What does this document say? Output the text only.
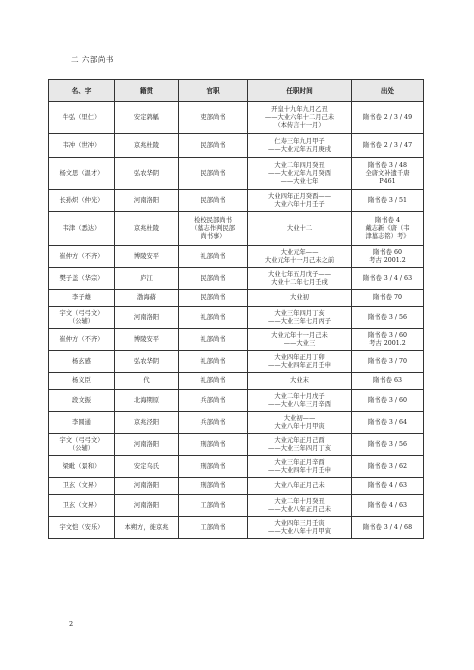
二 六部尚书
名、字	籍贯	官职	任职时间	出处

牛弘（里仁）	安定鹑觚	吏部尚书	开皇十九年九月乙丑
——大业六年十二月己未
（本传言十一月）	隋书卷 2 / 3 / 49

韦冲（世冲）	京兆杜陵	民部尚书	仁寿三年九月甲子
——大业元年五月庚戌	隋书卷 2 / 3 / 47

杨文思（温才）	弘农华阴	民部尚书	大业二年四月癸丑
——大业元年九月癸酉
——大业七年	隋书卷 3 / 48
全唐文补遗千唐
P461

长孙炽（仲光）	河南洛阳	民部尚书	大业四年正月癸酉——
大业六年十月壬子	隋书卷 3 / 51

韦津（悉达）	京兆杜陵	检校民部尚书
（墓志作判民部
尚书事）	大业十二	隋书卷 4
戴志新《唐（韦
津墓志铭）考》

崔仲方（不齐）	博陵安平	礼部尚书	大业元年——
大业元年十一月己未之前	隋书卷 60
考古 2001.2

樊子盖（华宗）	庐江	民部尚书	大业七年五月戊子——
大业十二年七月壬戌	隋书卷 3 / 4 / 63

李子雄	渤海蓨	民部尚书	大业初	隋书卷 70

宇文（弓弓文）
（公辅）	河南洛阳	礼部尚书	大业三年四月丁亥
——大业三年七月丙子	隋书卷 3 / 56

崔仲方（不齐）	博陵安平	礼部尚书	大业元年十一月己未
——大业三	隋书卷 3 / 60
考古 2001.2

杨玄感	弘农华阴	礼部尚书	大业四年正月丁卯
——大业四年正月壬申	隋书卷 3 / 70

杨义臣	代	礼部尚书	大业末	隋书卷 63

段文振	北海期原	兵部尚书	大业二年十月戊子
——大业八年三月辛酉	隋书卷 3 / 60

李圆通	京兆泾阳	兵部尚书	大业初——
大业八年十月甲寅	隋书卷 3 / 64

宇文（弓弓文）
（公辅）	河南洛阳	刑部尚书	大业元年正月己酉
——大业三年四月丁亥	隋书卷 3 / 56

梁毗（景和）	安定乌氏	刑部尚书	大业三年正月辛酉
——大业四年十月壬申	隋书卷 3 / 62

卫玄（文昇）	河南洛阳	刑部尚书	大业八年正月己未	隋书卷 4 / 63

卫玄（文昇）	河南洛阳	工部尚书	大业二年十月癸丑
——大业八年正月己未	隋书卷 4 / 63

宇文恺（安乐）	本朔方，徙京兆	工部尚书	大业四年三月壬寅
——大业八年十月甲寅	隋书卷 3 / 4 / 68
2
